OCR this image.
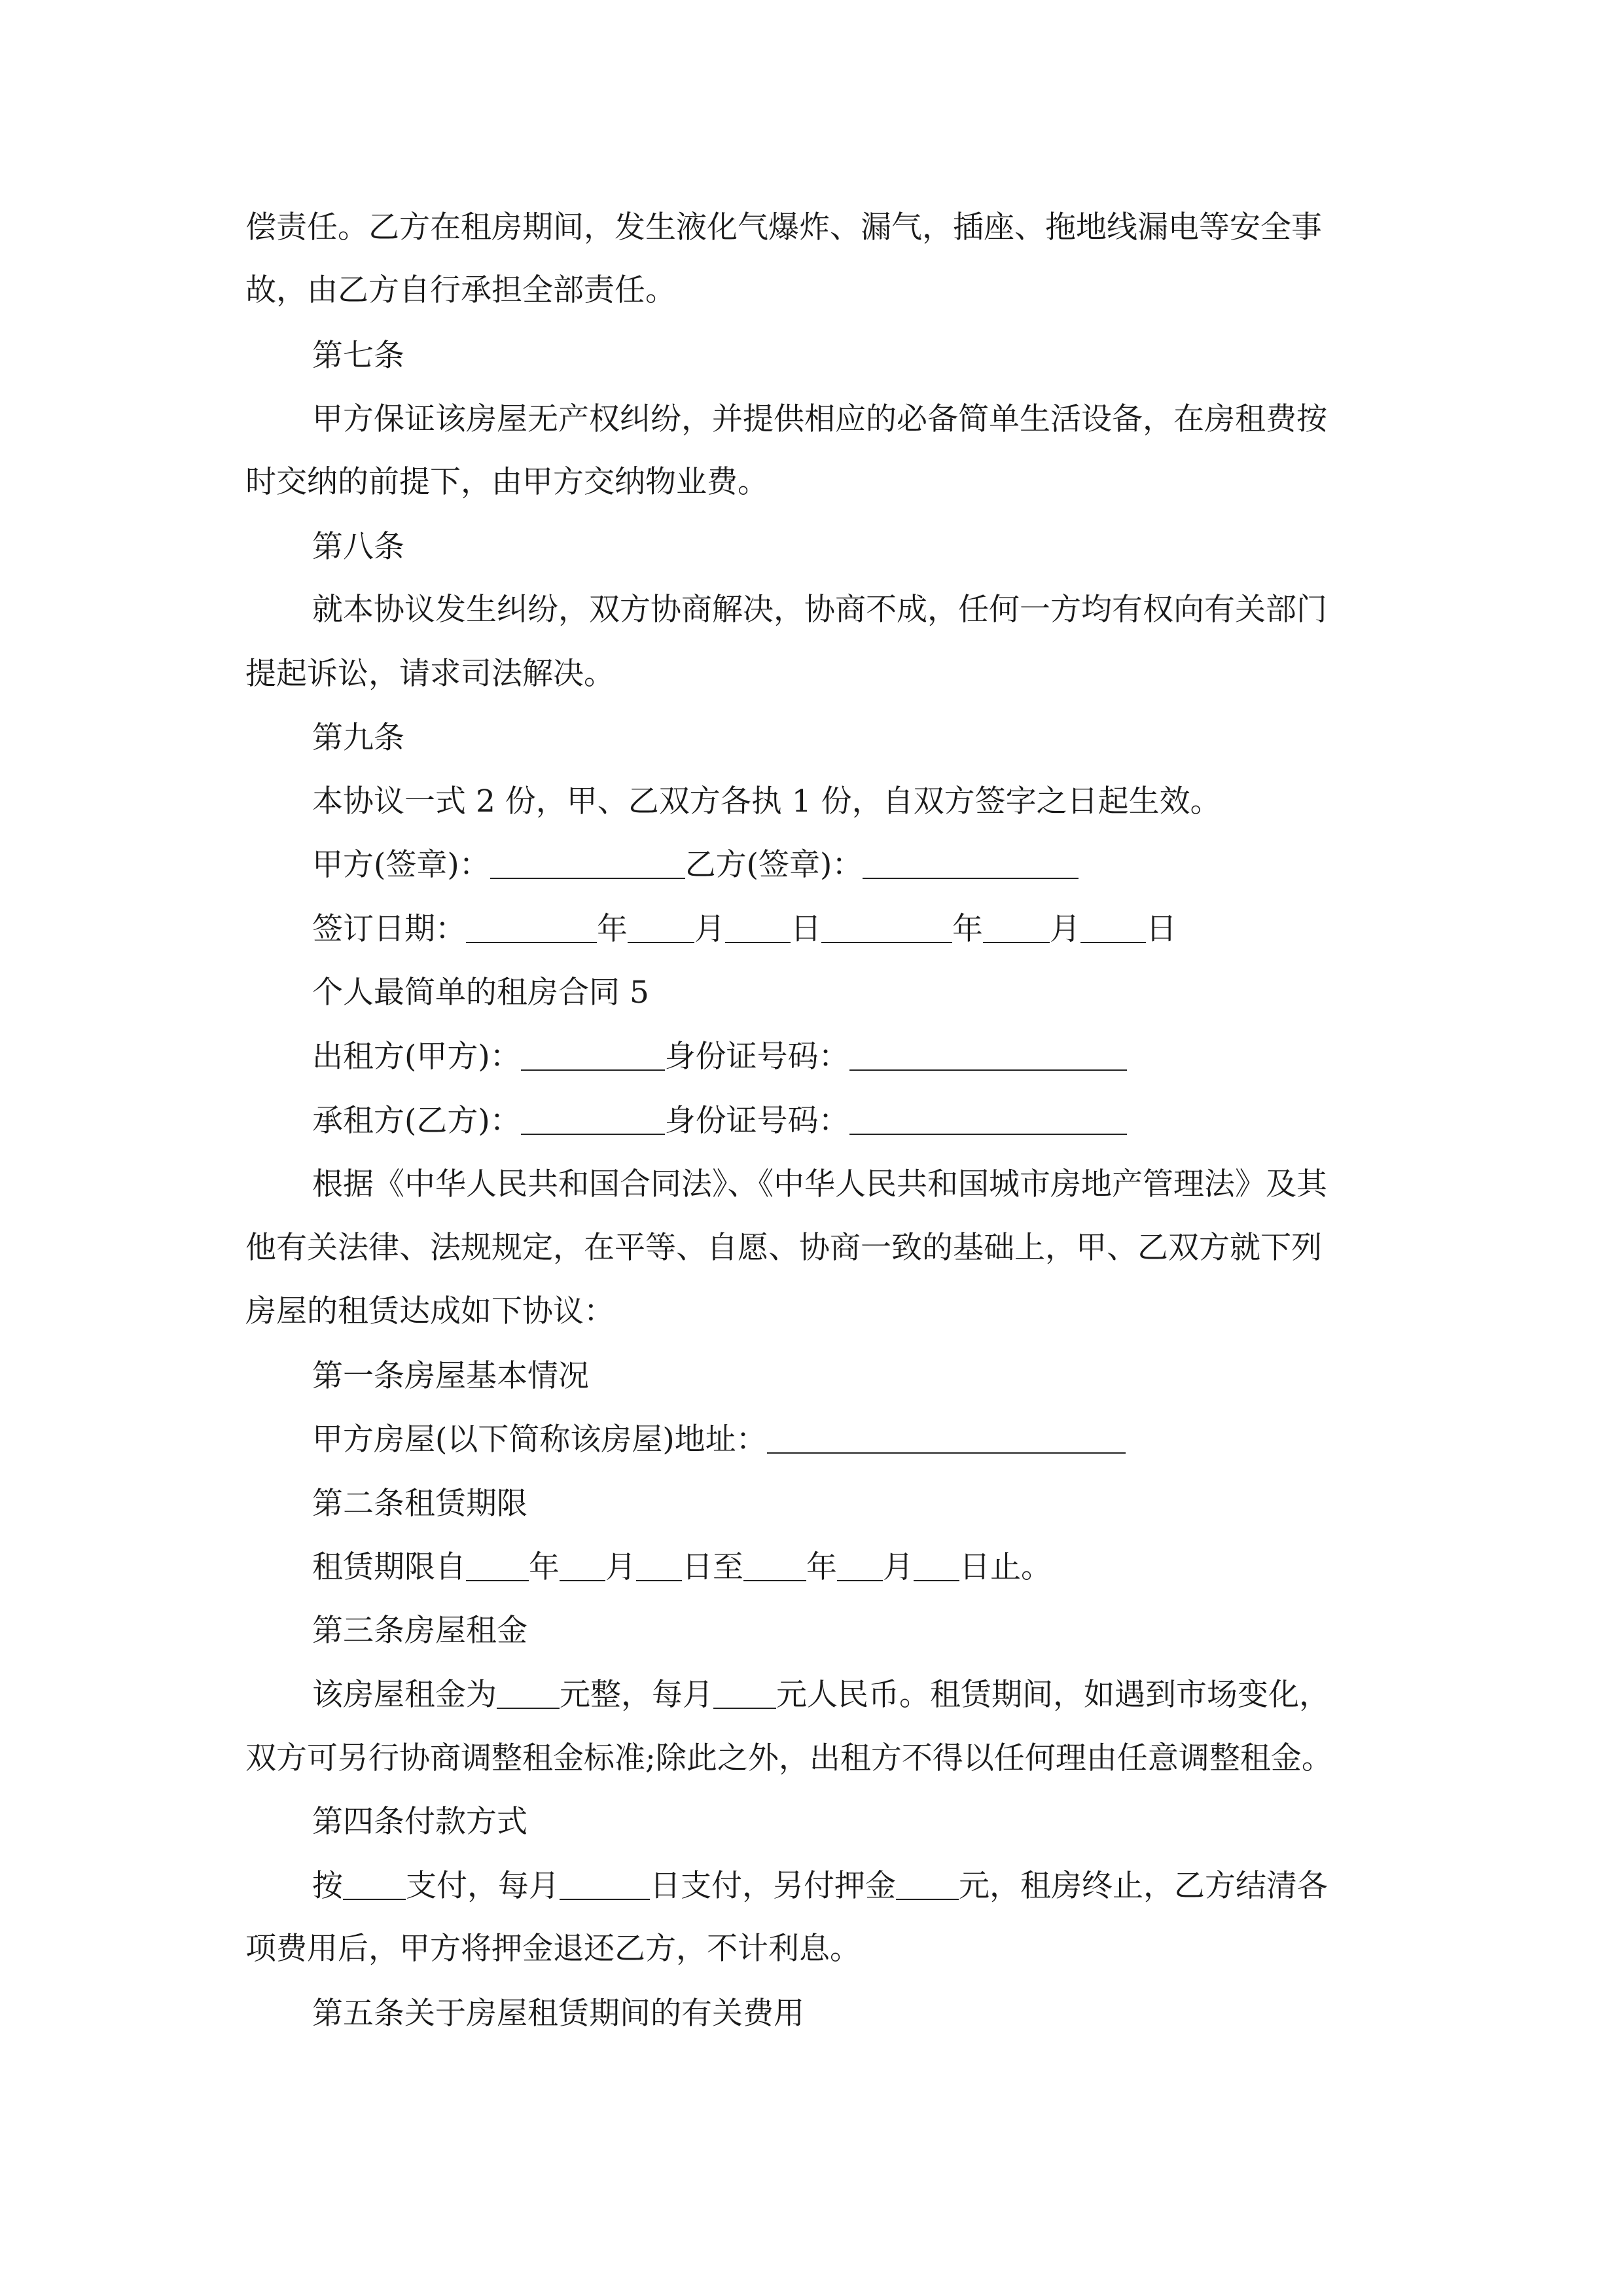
偿责任。乙方在租房期间，发生液化气爆炸、漏气，插座、拖地线漏电等安全事
故，由乙方自行承担全部责任。
第七条
甲方保证该房屋无产权纠纷，并提供相应的必备简单生活设备，在房租费按
时交纳的前提下，由甲方交纳物业费。
第八条
就本协议发生纠纷，双方协商解决，协商不成，任何一方均有权向有关部门
提起诉讼，请求司法解决。
第九条
本协议一式 2 份，甲、乙双方各执 1 份，自双方签字之日起生效。
甲方(签章)：	乙方(签章)：
签订日期：	年 月 日	年 月 日
个人最简单的租房合同 5
出租方(甲方)：	身份证号码：
承租方(乙方)：	身份证号码：
根据《中华人民共和国合同法》、《中华人民共和国城市房地产管理法》及其
他有关法律、法规规定，在平等、自愿、协商一致的基础上，甲、乙双方就下列
房屋的租赁达成如下协议：
第一条房屋基本情况
甲方房屋(以下简称该房屋)地址：
第二条租赁期限
租赁期限自 年 月 日至 年 月 日止。
第三条房屋租金
该房屋租金为 元整，每月 元人民币。租赁期间，如遇到市场变化，
双方可另行协商调整租金标准;除此之外，出租方不得以任何理由任意调整租金。
第四条付款方式
按 支付，每月	日支付，另付押金 元，租房终止，乙方结清各
项费用后，甲方将押金退还乙方，不计利息。
第五条关于房屋租赁期间的有关费用
